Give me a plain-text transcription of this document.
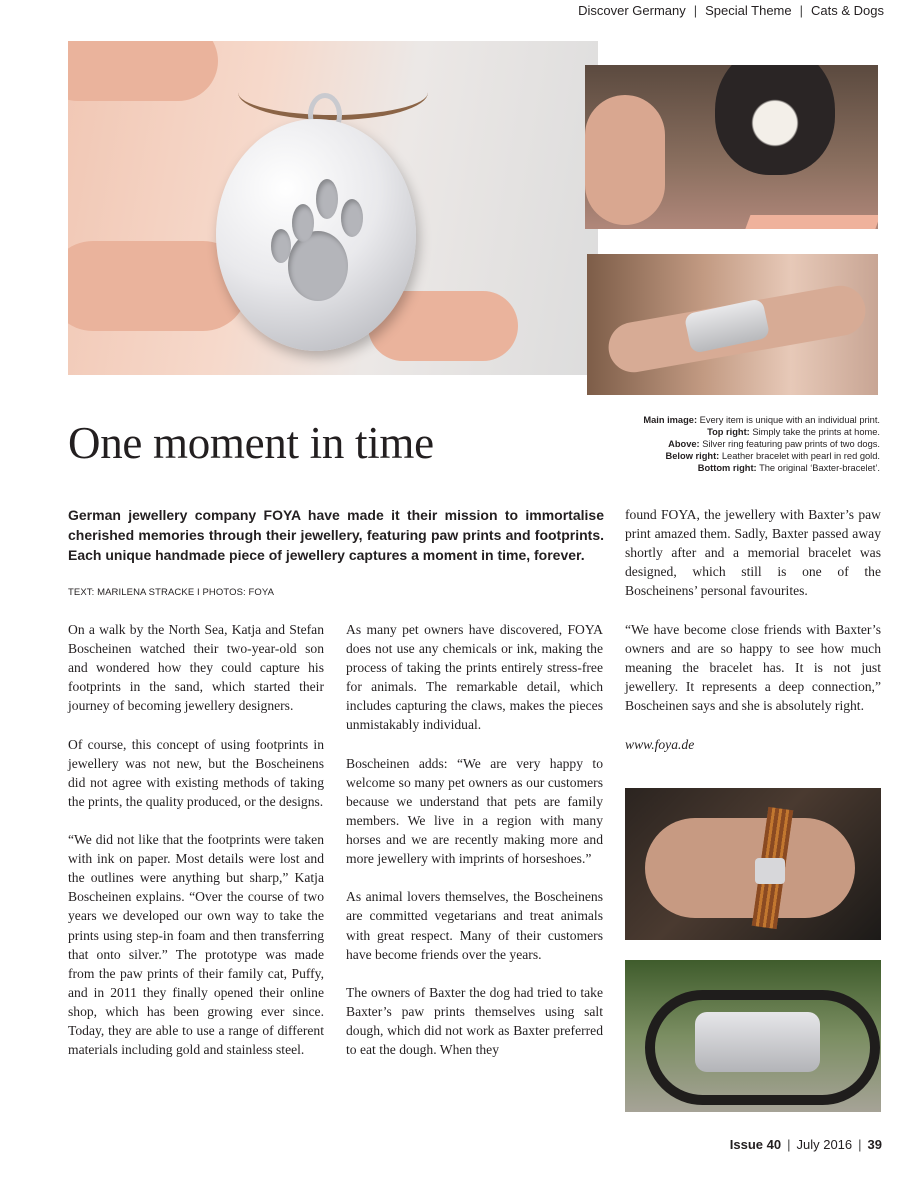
Discover Germany | Special Theme | Cats & Dogs
One moment in time	Main image: Every item is unique with an individual print.
Top right: Simply take the prints at home.
Above: Silver ring featuring paw prints of two dogs.
Below right: Leather bracelet with pearl in red gold.
Bottom right: The original ‘Baxter-bracelet’.

German jewellery company FOYA have made it their mission to immortalise cherished memories through their jewellery, featuring paw prints and footprints. Each unique handmade piece of jewellery captures a moment in time, forever.

TEXT: MARILENA STRACKE I PHOTOS: FOYA

On a walk by the North Sea, Katja and Stefan Boscheinen watched their two-year-old son and wondered how they could capture his footprints in the sand, which started their journey of becoming jewellery designers.

Of course, this concept of using footprints in jewellery was not new, but the Boscheinens did not agree with existing methods of taking the prints, the quality produced, or the designs.

“We did not like that the footprints were taken with ink on paper. Most details were lost and the outlines were anything but sharp,” Katja Boscheinen explains. “Over the course of two years we developed our own way to take the prints using step-in foam and then transferring that onto silver.” The prototype was made from the paw prints of their family cat, Puffy, and in 2011 they finally opened their online shop, which has been growing ever since. Today, they are able to use a range of different materials including gold and stainless steel.

As many pet owners have discovered, FOYA does not use any chemicals or ink, making the process of taking the prints entirely stress-free for animals. The remarkable detail, which includes capturing the claws, makes the pieces unmistakably individual.

Boscheinen adds: “We are very happy to welcome so many pet owners as our customers because we understand that pets are family members. We live in a region with many horses and we are recently making more and more jewellery with imprints of horseshoes.”

As animal lovers themselves, the Boscheinens are committed vegetarians and treat animals with great respect. Many of their customers have become friends over the years.

The owners of Baxter the dog had tried to take Baxter’s paw prints themselves using salt dough, which did not work as Baxter preferred to eat the dough. When they

found FOYA, the jewellery with Baxter’s paw print amazed them. Sadly, Baxter passed away shortly after and a memorial bracelet was designed, which still is one of the Boscheinens’ personal favourites.

“We have become close friends with Baxter’s owners and are so happy to see how much meaning the bracelet has. It is not just jewellery. It represents a deep connection,” Boscheinen says and she is absolutely right.

www.foya.de

Issue 40 | July 2016 | 39
